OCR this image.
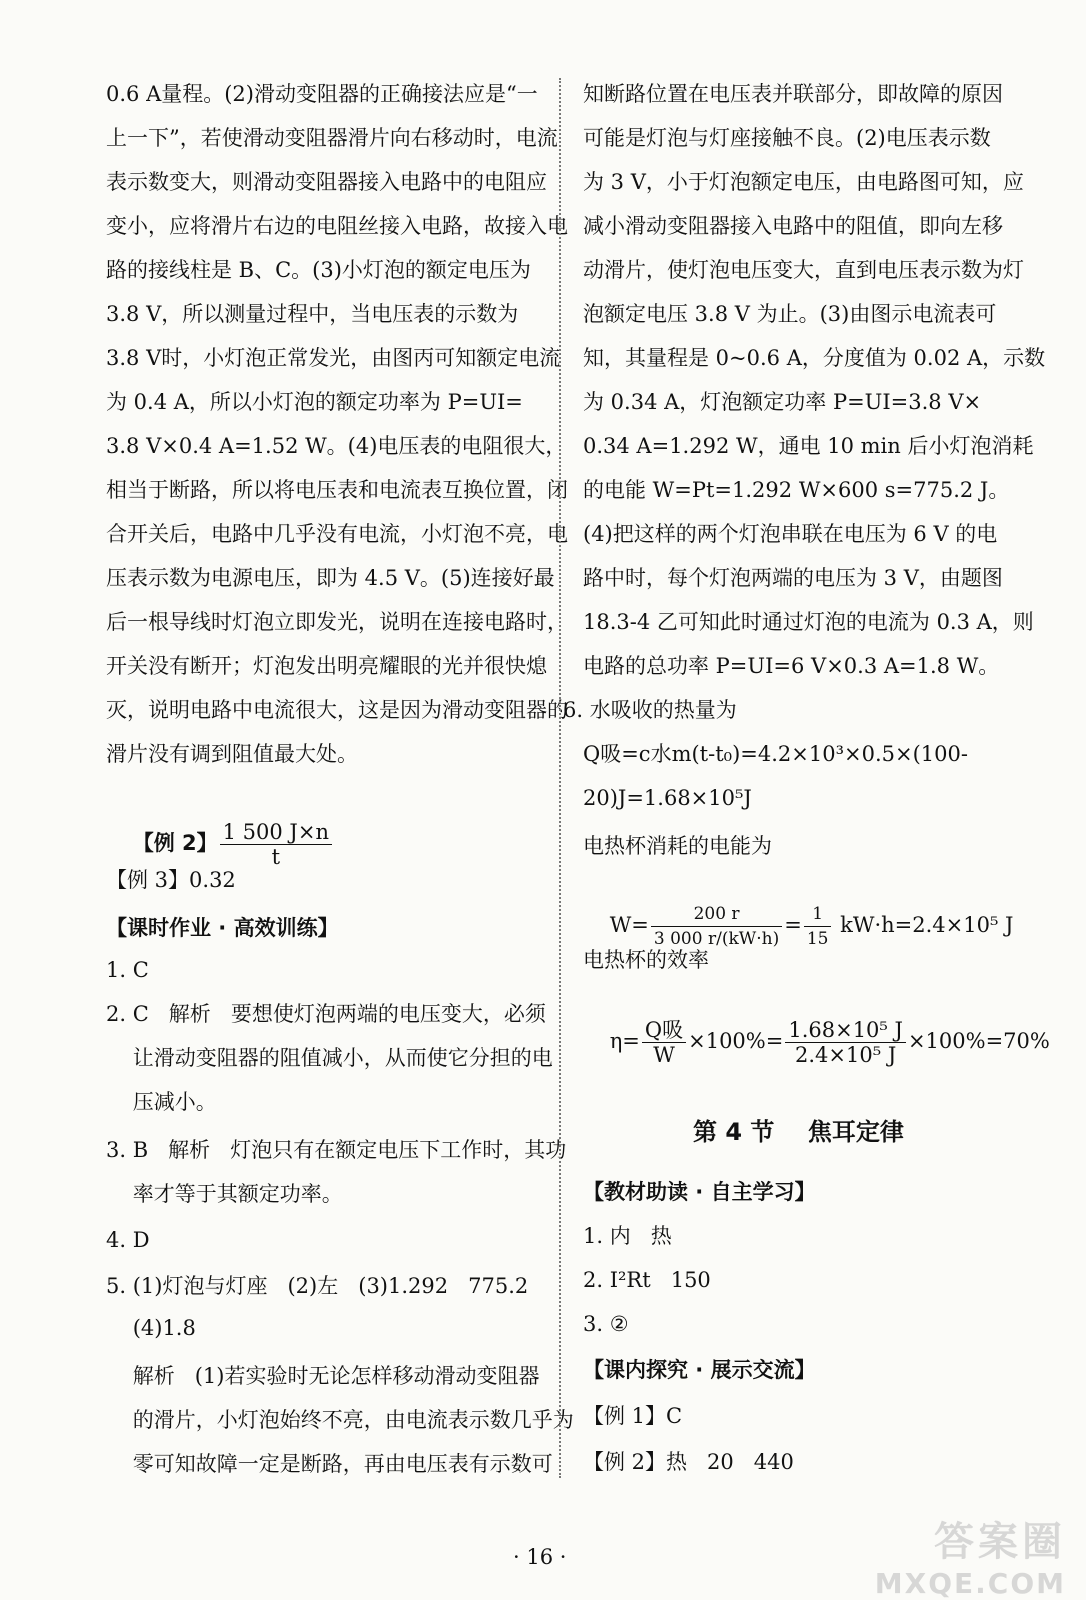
0.6 A量程。(2)滑动变阻器的正确接法应是“一
上一下”，若使滑动变阻器滑片向右移动时，电流
表示数变大，则滑动变阻器接入电路中的电阻应
变小，应将滑片右边的电阻丝接入电路，故接入电
路的接线柱是 B、C。(3)小灯泡的额定电压为
3.8 V，所以测量过程中，当电压表的示数为
3.8 V时，小灯泡正常发光，由图丙可知额定电流
为 0.4 A，所以小灯泡的额定功率为 P=UI=
3.8 V×0.4 A=1.52 W。(4)电压表的电阻很大，
相当于断路，所以将电压表和电流表互换位置，闭
合开关后，电路中几乎没有电流，小灯泡不亮，电
压表示数为电源电压，即为 4.5 V。(5)连接好最
后一根导线时灯泡立即发光，说明在连接电路时，
开关没有断开；灯泡发出明亮耀眼的光并很快熄
灭，说明电路中电流很大，这是因为滑动变阻器的
滑片没有调到阻值最大处。

【例 2】 $\frac{1 500 J\times n}{t}$

【例 3】0.32
【课时作业 · 高效训练】
1. C
2. C   解析   要想使灯泡两端的电压变大，必须
让滑动变阻器的阻值减小，从而使它分担的电
压减小。
3. B   解析   灯泡只有在额定电压下工作时，其功
率才等于其额定功率。
4. D
5. (1)灯泡与灯座   (2)左   (3)1.292   775.2
(4)1.8
解析   (1)若实验时无论怎样移动滑动变阻器
的滑片，小灯泡始终不亮，由电流表示数几乎为
零可知故障一定是断路，再由电压表有示数可
知断路位置在电压表并联部分，即故障的原因
可能是灯泡与灯座接触不良。(2)电压表示数
为 3 V，小于灯泡额定电压，由电路图可知，应
减小滑动变阻器接入电路中的阻值，即向左移
动滑片，使灯泡电压变大，直到电压表示数为灯
泡额定电压 3.8 V 为止。(3)由图示电流表可
知，其量程是 0~0.6 A，分度值为 0.02 A，示数
为 0.34 A，灯泡额定功率 P=UI=3.8 V×
0.34 A=1.292 W，通电 10 min 后小灯泡消耗
的电能 W=Pt=1.292 W×600 s=775.2 J。
(4)把这样的两个灯泡串联在电压为 6 V 的电
路中时，每个灯泡两端的电压为 3 V，由题图
18.3-4 乙可知此时通过灯泡的电流为 0.3 A，则
电路的总功率 P=UI=6 V×0.3 A=1.8 W。
6. 水吸收的热量为
Q吸=c水m(t-t₀)=4.2×10³×0.5×(100-
20)J=1.68×10⁵J
电热杯消耗的电能为

$W= \frac{200 r}{3 000 r/(kW\cdot h)} = \frac{1}{15} kW\cdot h=2.4\times 10^5$ J

电热杯的效率

$\eta= \frac{\text{Q吸}}{W} \times 100\%= \frac{\text{1.68×10⁵ J}}{\text{2.4×10⁵ J}} \times 100\%=70\%$

第 4 节    焦耳定律
【教材助读 · 自主学习】
1. 内   热
2. I²Rt   150
3. ②
【课内探究 · 展示交流】
【例 1】C
【例 2】热   20   440
· 16 ·	答案圈
MXQE.COM
